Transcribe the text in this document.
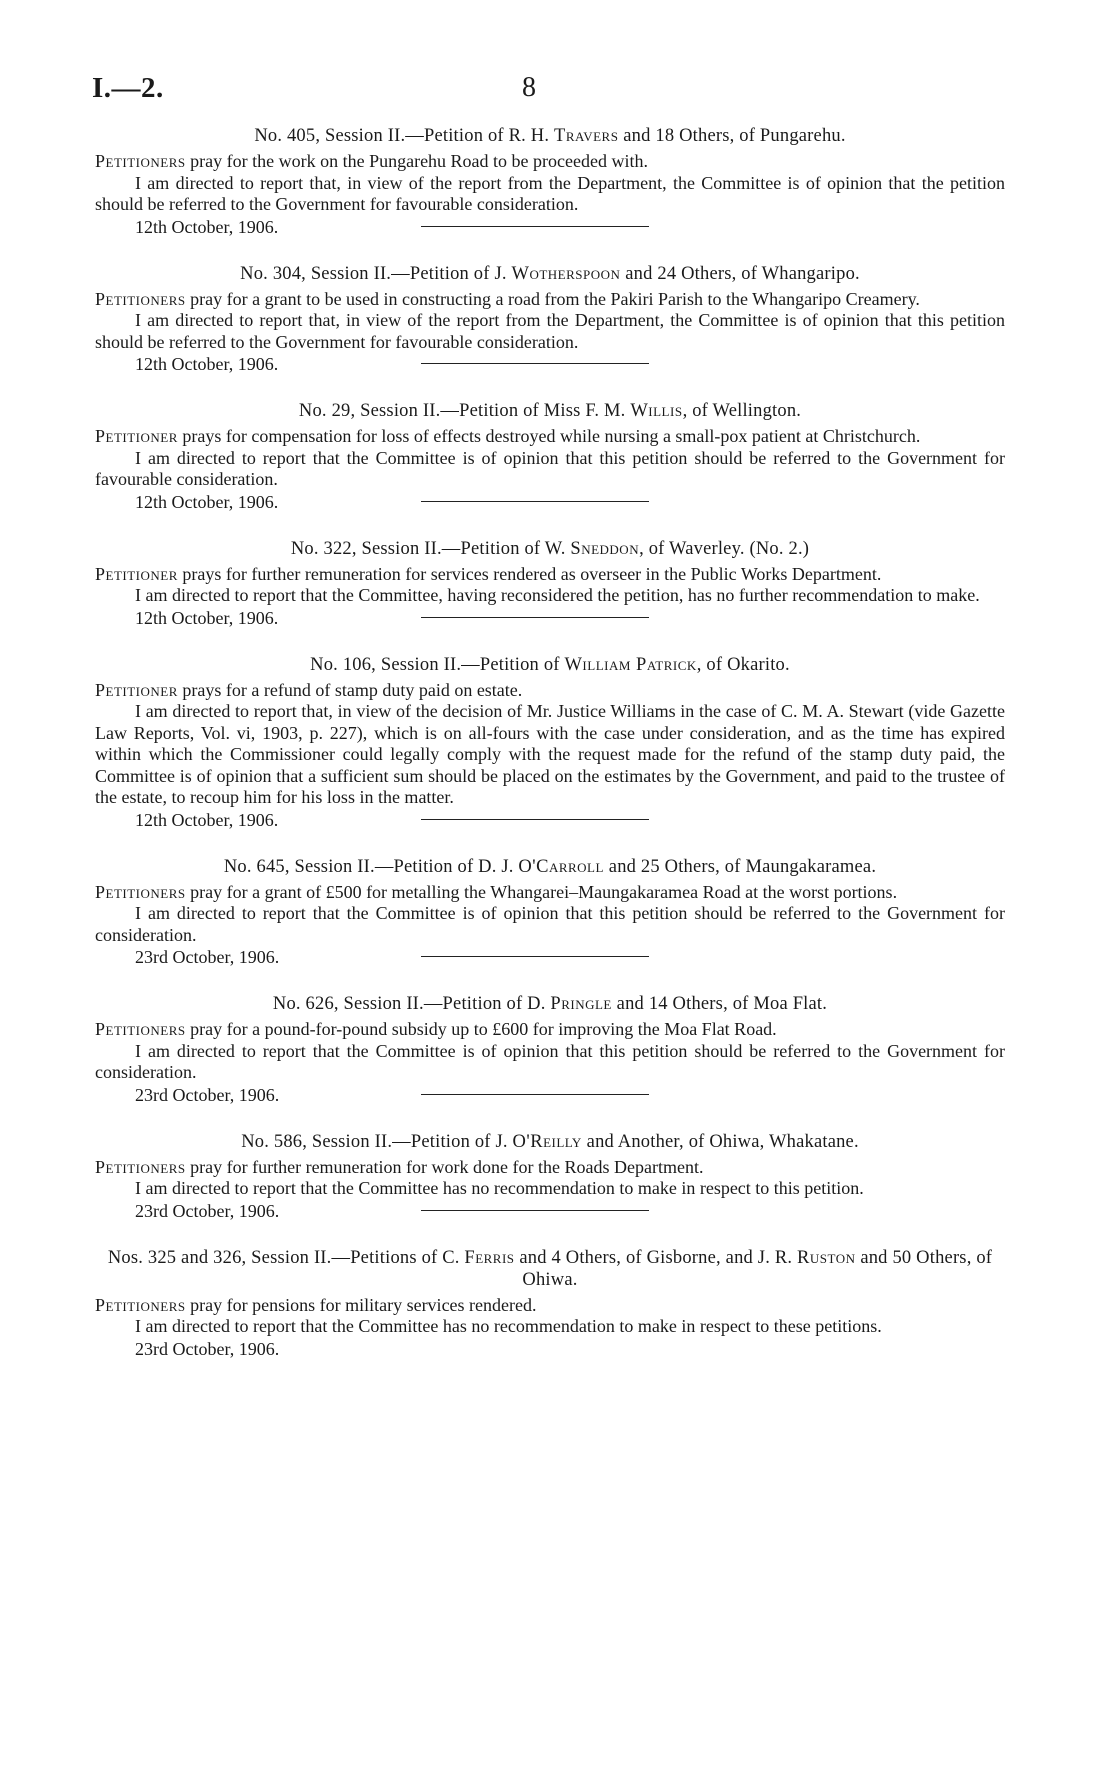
I.—2.	8

No. 405, Session II.—Petition of R. H. Travers and 18 Others, of Pungarehu.

Petitioners pray for the work on the Pungarehu Road to be proceeded with.

I am directed to report that, in view of the report from the Department, the Committee is of opinion that the petition should be referred to the Government for favourable consideration.

12th October, 1906.

No. 304, Session II.—Petition of J. Wotherspoon and 24 Others, of Whangaripo.

Petitioners pray for a grant to be used in constructing a road from the Pakiri Parish to the Whangaripo Creamery.

I am directed to report that, in view of the report from the Department, the Committee is of opinion that this petition should be referred to the Government for favourable consideration.

12th October, 1906.

No. 29, Session II.—Petition of Miss F. M. Willis, of Wellington.

Petitioner prays for compensation for loss of effects destroyed while nursing a small-pox patient at Christchurch.

I am directed to report that the Committee is of opinion that this petition should be referred to the Government for favourable consideration.

12th October, 1906.

No. 322, Session II.—Petition of W. Sneddon, of Waverley. (No. 2.)

Petitioner prays for further remuneration for services rendered as overseer in the Public Works Department.

I am directed to report that the Committee, having reconsidered the petition, has no further recommendation to make.

12th October, 1906.

No. 106, Session II.—Petition of William Patrick, of Okarito.

Petitioner prays for a refund of stamp duty paid on estate.

I am directed to report that, in view of the decision of Mr. Justice Williams in the case of C. M. A. Stewart (vide Gazette Law Reports, Vol. vi, 1903, p. 227), which is on all-fours with the case under consideration, and as the time has expired within which the Commissioner could legally comply with the request made for the refund of the stamp duty paid, the Committee is of opinion that a sufficient sum should be placed on the estimates by the Government, and paid to the trustee of the estate, to recoup him for his loss in the matter.

12th October, 1906.

No. 645, Session II.—Petition of D. J. O'Carroll and 25 Others, of Maungakaramea.

Petitioners pray for a grant of £500 for metalling the Whangarei–Maungakaramea Road at the worst portions.

I am directed to report that the Committee is of opinion that this petition should be referred to the Government for consideration.

23rd October, 1906.

No. 626, Session II.—Petition of D. Pringle and 14 Others, of Moa Flat.

Petitioners pray for a pound-for-pound subsidy up to £600 for improving the Moa Flat Road.

I am directed to report that the Committee is of opinion that this petition should be referred to the Government for consideration.

23rd October, 1906.

No. 586, Session II.—Petition of J. O'Reilly and Another, of Ohiwa, Whakatane.

Petitioners pray for further remuneration for work done for the Roads Department.

I am directed to report that the Committee has no recommendation to make in respect to this petition.

23rd October, 1906.

Nos. 325 and 326, Session II.—Petitions of C. Ferris and 4 Others, of Gisborne, and J. R. Ruston and 50 Others, of Ohiwa.

Petitioners pray for pensions for military services rendered.

I am directed to report that the Committee has no recommendation to make in respect to these petitions.

23rd October, 1906.
